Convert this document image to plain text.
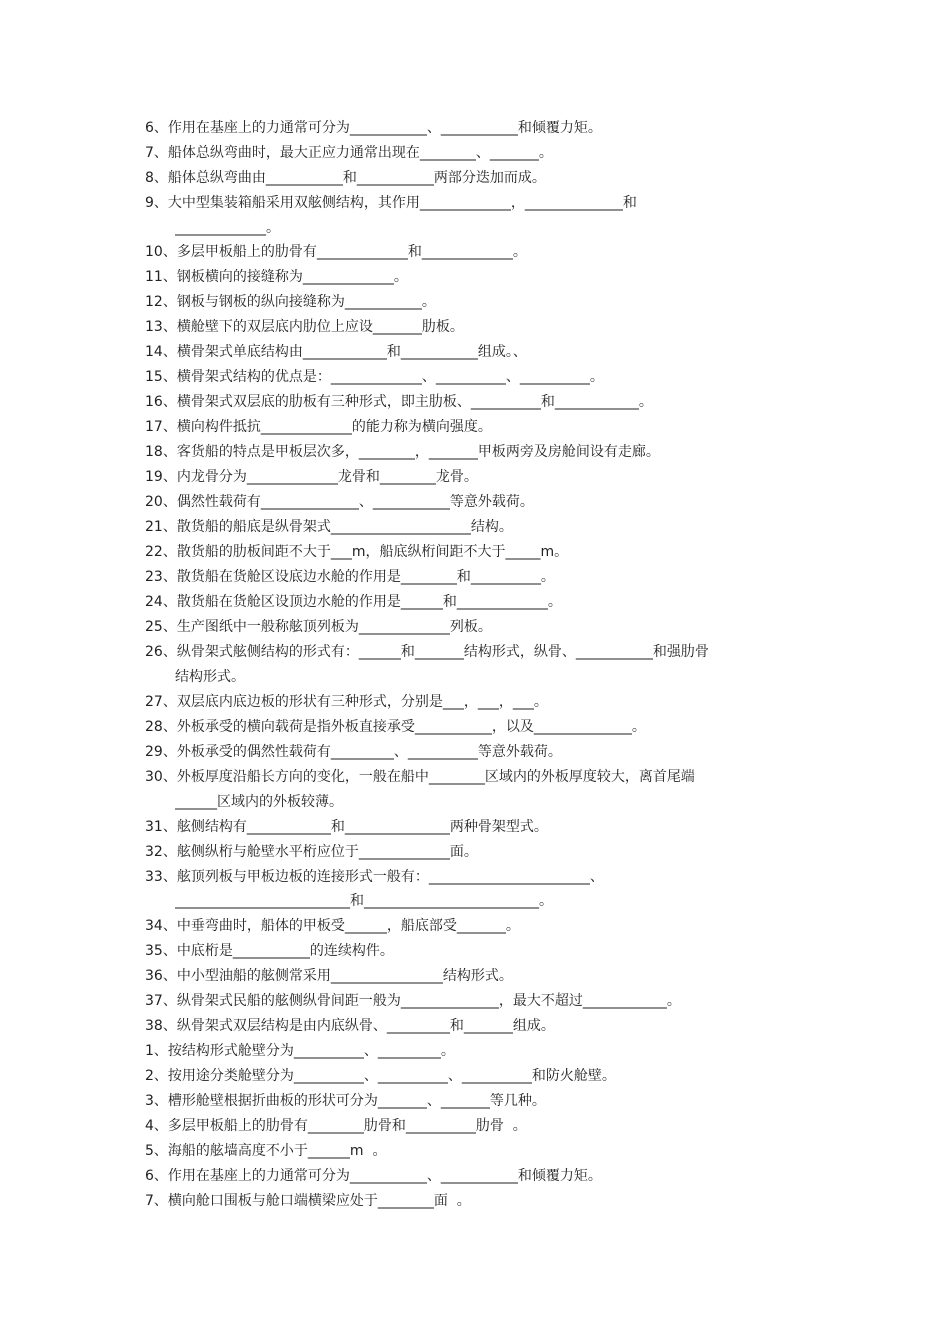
6、作用在基座上的力通常可分为___________、___________和倾覆力矩。
7、船体总纵弯曲时，最大正应力通常出现在________、_______。
8、船体总纵弯曲由___________和___________两部分迭加而成。
9、大中型集装箱船采用双舷侧结构，其作用_____________，______________和
_____________。
10、多层甲板船上的肋骨有_____________和_____________。
11、钢板横向的接缝称为_____________。
12、钢板与钢板的纵向接缝称为___________。
13、横舱壁下的双层底内肋位上应设_______肋板。
14、横骨架式单底结构由____________和___________组成。、
15、横骨架式结构的优点是：_____________、__________、__________。
16、横骨架式双层底的肋板有三种形式，即主肋板、__________和____________。
17、横向构件抵抗_____________的能力称为横向强度。
18、客货船的特点是甲板层次多，________，_______甲板两旁及房舱间设有走廊。
19、内龙骨分为_____________龙骨和________龙骨。
20、偶然性载荷有______________、___________等意外载荷。
21、散货船的船底是纵骨架式____________________结构。
22、散货船的肋板间距不大于___m，船底纵桁间距不大于_____m。
23、散货船在货舱区设底边水舱的作用是________和__________。
24、散货船在货舱区设顶边水舱的作用是______和_____________。
25、生产图纸中一般称舷顶列板为_____________列板。
26、纵骨架式舷侧结构的形式有：______和_______结构形式，纵骨、___________和强肋骨
结构形式。
27、双层底内底边板的形状有三种形式，分别是___，___，___。
28、外板承受的横向载荷是指外板直接承受___________，以及______________。
29、外板承受的偶然性载荷有_________、__________等意外载荷。
30、外板厚度沿船长方向的变化，一般在船中________区域内的外板厚度较大，离首尾端
______区域内的外板较薄。
31、舷侧结构有____________和_______________两种骨架型式。
32、舷侧纵桁与舱壁水平桁应位于_____________面。
33、舷顶列板与甲板边板的连接形式一般有：_______________________、
_________________________和_________________________。
34、中垂弯曲时，船体的甲板受______，船底部受_______。
35、中底桁是___________的连续构件。
36、中小型油船的舷侧常采用________________结构形式。
37、纵骨架式民船的舷侧纵骨间距一般为______________，最大不超过____________。
38、纵骨架式双层结构是由内底纵骨、_________和_______组成。
1、按结构形式舱壁分为__________、_________。
2、按用途分类舱壁分为__________、__________、__________和防火舱壁。
3、槽形舱壁根据折曲板的形状可分为_______、_______等几种。
4、多层甲板船上的肋骨有________肋骨和__________肋骨  。
5、海船的舷墙高度不小于______m  。
6、作用在基座上的力通常可分为___________、___________和倾覆力矩。
7、横向舱口围板与舱口端横梁应处于________面  。
